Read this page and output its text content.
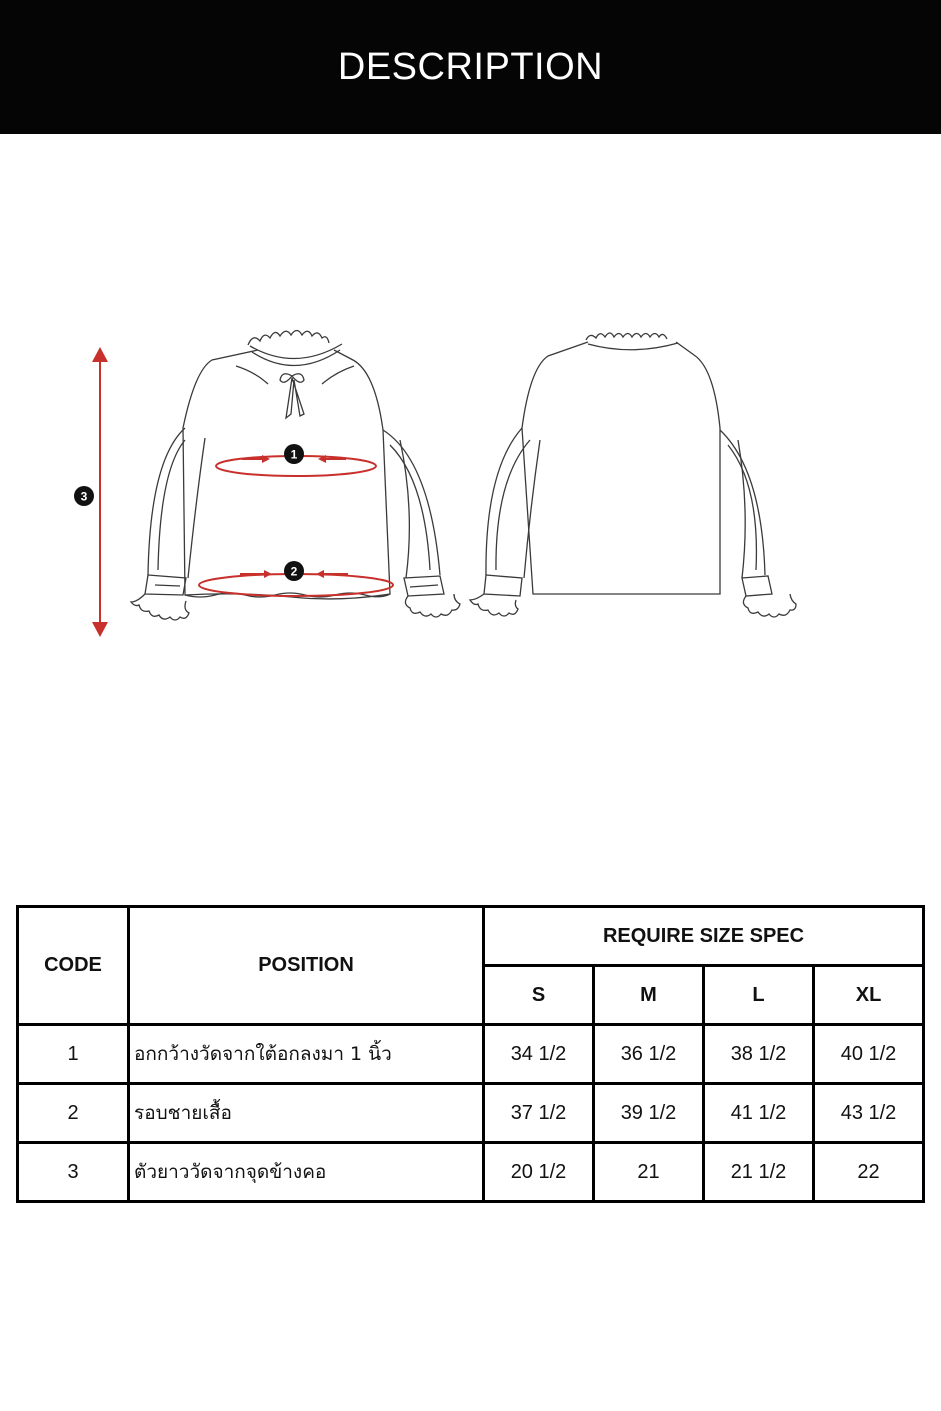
DESCRIPTION
3
1
2
CODE	POSITION	REQUIRE SIZE SPEC			
		S	M	L	XL
1	อกกว้างวัดจากใต้อกลงมา 1 นิ้ว	34 1/2	36 1/2	38 1/2	40 1/2
2	รอบชายเสื้อ	37 1/2	39 1/2	41 1/2	43 1/2
3	ตัวยาววัดจากจุดข้างคอ	20 1/2	21	21 1/2	22
